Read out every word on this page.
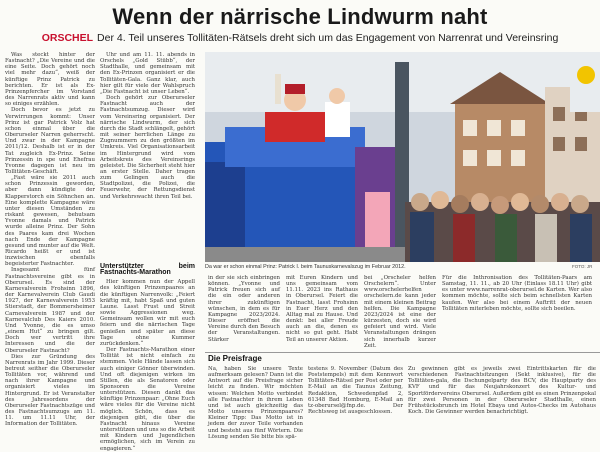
Wenn der närrische Lindwurm naht
ORSCHEL Der 4. Teil unseres Tollitäten-Rätsels dreht sich um das Engagement von Narrenrat und Vereinsring

Was steckt hinter der Fastnacht? „Die Vereine und die eine Seite. Doch gehört noch viel mehr dazu“, weiß der künftige Prinz Patrick zu berichten. Er ist als Ex-Prinzenpfercher im Vorstand des Narrenrats aktiv und kann so einiges erzählen.

Doch bevor es jetzt zu Verwirrungen kommt: Unser Prinz ist gar Patrick Volz hat schon einmal über die Oberurseler Narren geherrscht. Und zwar in der Kampagne 2011/12. Deshalb ist er in der Tat zugleich Ex-Prinz. Seine Prinzessin in spe und Ehefrau Yvonne dagegen ist neu im Tollitäten-Geschäft.

„Fast wäre sie 2011 auch schon Prinzessin geworden, aber dann kündigte der Klapperstorch ein Söhnchen an. Eine komplette Kampagne wäre unter diesen Umständen zu riskant gewesen, behutsam Yvonne damals und Patrick wurde alleine Prinz. Der Sohn des Paares kam drei Wochen nach Ende der Kampagne gesund und munter auf die Welt. Ricardo heißt er und ist inzwischen ebenfalls begeisterter Fastnachter.

Insgesamt fünf Fastnachtsvereine gibt es in Oberursel. Es sind der Karnevalverein Frohsinn 1896, der Karnevalverein Club Gaudi 1927, der Karnevalverein 1953 Stierstadt, der Bommersheimer Carnevalverein 1987 und der Karnevalclub Des Kaiers 2010. Und Yvonne, die es umso „einem Hut“ zu bringen gilt. Doch wer vertritt ihre Interessen und die der Oberurseler Fastnacht?

Dies zur Gründung des Narrenrats im Jahr 1999. Dieser betreut seither die Oberurseler Tollitäten vor, während und nach ihrer Kampagne und organisiert vieles im Hintergrund. Er ist Veranstalter des Jahresordens der Oberurseler Fastnachtszüge und des Fastnachtsumzugs am 11. 11. um 11.11 Uhr, der Information der Tollitäten.

Uhr und am 11. 11. abends in Orschels „Gold Stübb“, der Stadthalle, und gemeinsam mit den Ex-Prinzen organisiert er die Tollitäten-Gala. Ganz klar, auch hier gilt für viele der Wahlspruch „Die Fastnacht ist unser Leben“.

Doch gehört zur Oberurseler Fastnacht auch der Fastnachtsumzug. Dieser wird vom Vereinsring organisiert. Der närrische Lindwurm, der sich durch die Stadt schlängelt, gehört mit seiner herrlichen Länge zu Zugnummern zu den größten im Umkreis. Viel Organisationsarbeit im Hintergrund wird vom Arbeitskreis des Vereinsrings geleistet. Die Sicherheit steht hier an erster Stelle. Daher tragen zum Gelingen auch die Stadtpolizei, die Polizei, die Feuerwehr, der Rettungsdienst und Verkehrswacht ihren Teil bei.

Unterstützter beim Fastnachts-Marathon

Hier kommen nun der Appell des künftigen Prinzenpaares an die künftigen Narrenvolk: „Feiert kräftig mit, habt Spaß und guten Laune. Lasst Frust und Streit sowie Aggressionen weg. Gemeinsam wollen wir mit euch feiern und die närrischen Tage genießen und später an diese Tage ohne Kummer zurückdenken.“

Der Fastnachts-Marathon einer Tollität ist nicht einfach zu stemmen. Viele Hände lassen sich auch einiger Gönner überwinden. Und oft diejenigen wirken im Stillen, die als Senatoren oder Sponsoren die Vereine unterstützen. Diesen dankt das künftige Prinzenpaar: „Ohne Euch wäre vieles für die Vereine nicht möglich. Schön, dass es diejenigen gibt, die über die Fastnacht hinaus Vereine unterstützen und uns so die Arbeit mit Kindern und Jugendlichen ermöglichen, sich im Verein zu engagieren.“

Da war er schon einmal Prinz: Patrick I. beim Taunuskarnevalszug im Februar 2012.	FOTO: JR
in der sie sich einbringen können. „Yvonne und Patrick freuen sich auf die ein oder anderen ihrer zukünftigen wünschen, in dem es für Kampagne 2023/2024. Dieser eröffnet die Vereine durch den Besuch der Veranstaltungen. Stärker
mit Euren Kindern und uns gemeinsam vom 11.11. 2023 ins Rathaus in Oberursel. Feiert die Fastnacht, lasst Frohsinn in Euer Herz und den Alltag mal zu Hause. Und denkt: bei aller Freude auch an die, denen es nicht so gut geht. Habt Teil an unserer Aktion.
bei „Orscheler helfen Orschelern“. Unter www.orschelerhelfen orschelern.de kann jeder mit einem kleinen Beitrag helfen. Die Kampagne 2023/2024 ist eine der kürzesten, doch sie wird gefeiert und wird. Viele Veranstaltungen drängen sich innerhalb kurzer Zeit.
Für die Inthronisation des Tollitäten-Paars am Samstag, 11. 11., ab 20 Uhr (Einlass 18.11 Uhr) gibt es unter www.narrenrat-oberursel.de Karten. Wer also kommen möchte, sollte sich beim schnellsten Karten kaufen. Wer also bei einem Auftritt der neuen Tollitäten miterleben möchte, sollte sich beeilen.
Die Preisfrage
Na, haben Sie unsere Texte aufmerksam gelesen? Dann ist die Antwort auf die Preisfrage sicher leicht zu finden. Wir möchten wissen: Welchen Motto verbindet alle Fastnachter in ihrem Leben und ist auch gleichzeitig das Motto unseres Prinzenpaares? Kleiner Tipp: Das Motto ist in jedem der zuvor Teile vorhanden und besteht aus fünf Wörtern. Die Lösung senden Sie bitte bis spä-
testens 9. November (Datum des Poststempels) mit dem Kennwort Tollitäten-Rätsel per Post oder per E-Mail an die Taunus Zeitung, Redaktion, Schwedenpfad 2, 61348 Bad Homburg, E-Mail an tz-oberursel@fnp.de. Der Rechtsweg ist ausgeschlossen.
Zu gewinnen gibt es jeweils zwei Eintrittskarten für die verschiedenen Fastnachtsitzungen (Sekt inklusive), für die Tollitäten-gala, die Dschungelparty des BCV, die Hauptparty des KVF und für das Neujahrskonzert des Kultur- und Sportfördervereins Oberursel. Außerdem gibt es einen Prinzenpokal für zwei Personen in der Oberurseler Stadthalle, einen Frühstücksbrunch im Hotel Ebaya und Autos-Checks im Autohaus Koch. Die Gewinner werden benachrichtigt.
